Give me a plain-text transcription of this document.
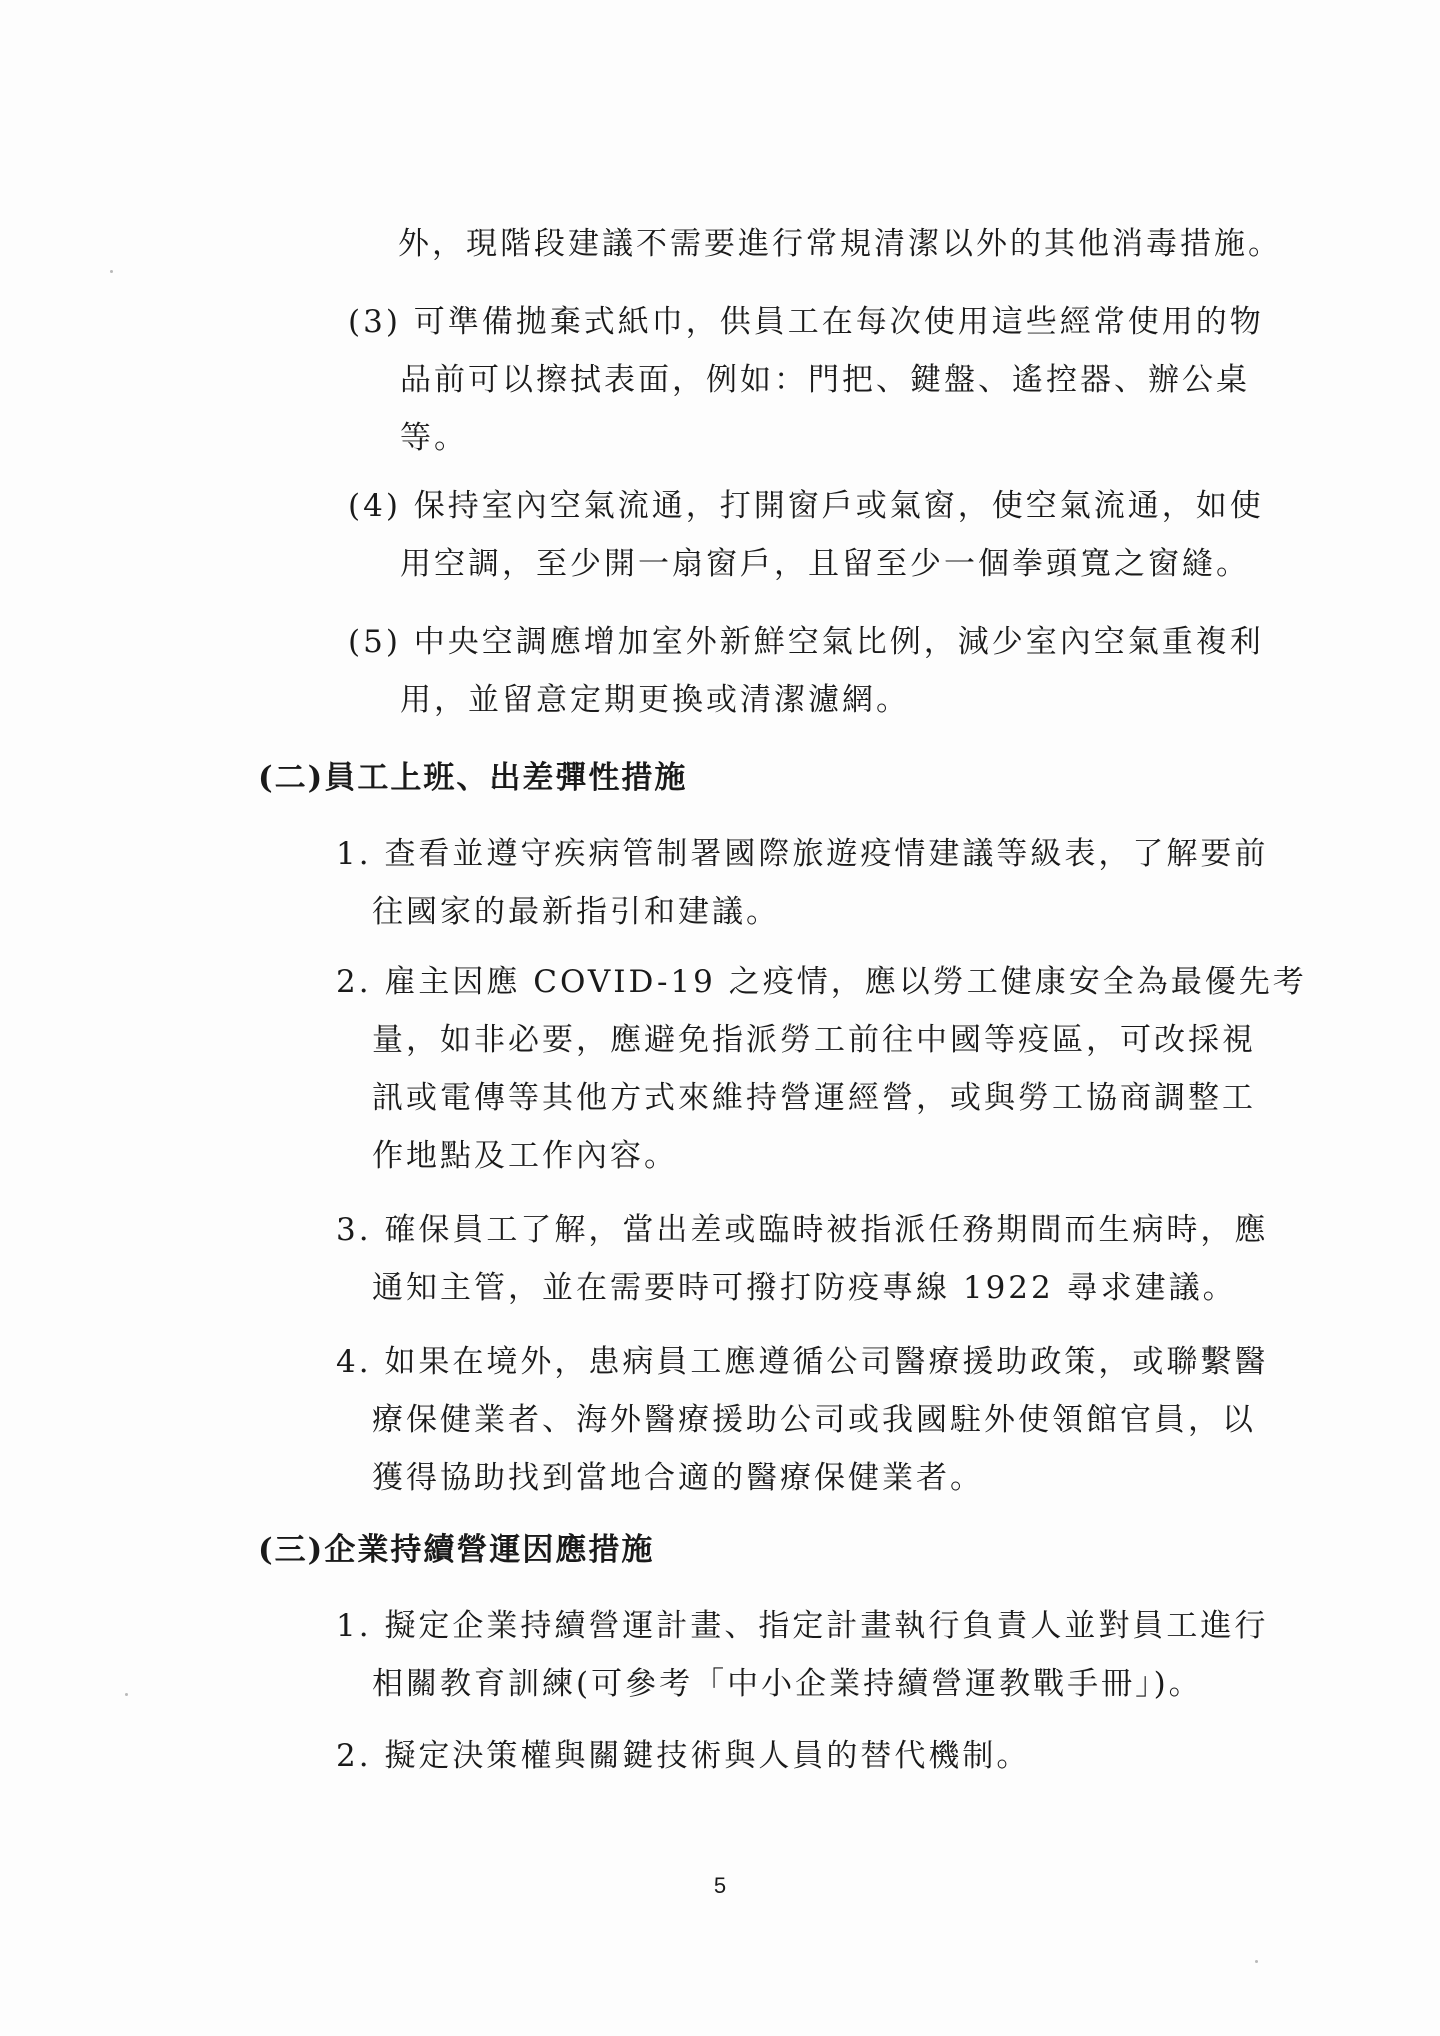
外，現階段建議不需要進行常規清潔以外的其他消毒措施。
(3) 可準備拋棄式紙巾，供員工在每次使用這些經常使用的物
品前可以擦拭表面，例如：門把、鍵盤、遙控器、辦公桌
等。
(4) 保持室內空氣流通，打開窗戶或氣窗，使空氣流通，如使
用空調，至少開一扇窗戶，且留至少一個拳頭寬之窗縫。
(5) 中央空調應增加室外新鮮空氣比例，減少室內空氣重複利
用，並留意定期更換或清潔濾網。
(二)員工上班、出差彈性措施
1. 查看並遵守疾病管制署國際旅遊疫情建議等級表，了解要前
往國家的最新指引和建議。
2. 雇主因應 COVID-19 之疫情，應以勞工健康安全為最優先考
量，如非必要，應避免指派勞工前往中國等疫區，可改採視
訊或電傳等其他方式來維持營運經營，或與勞工協商調整工
作地點及工作內容。
3. 確保員工了解，當出差或臨時被指派任務期間而生病時，應
通知主管，並在需要時可撥打防疫專線 1922 尋求建議。
4. 如果在境外，患病員工應遵循公司醫療援助政策，或聯繫醫
療保健業者、海外醫療援助公司或我國駐外使領館官員，以
獲得協助找到當地合適的醫療保健業者。
(三)企業持續營運因應措施
1. 擬定企業持續營運計畫、指定計畫執行負責人並對員工進行
相關教育訓練(可參考「中小企業持續營運教戰手冊」)。
2. 擬定決策權與關鍵技術與人員的替代機制。
5
